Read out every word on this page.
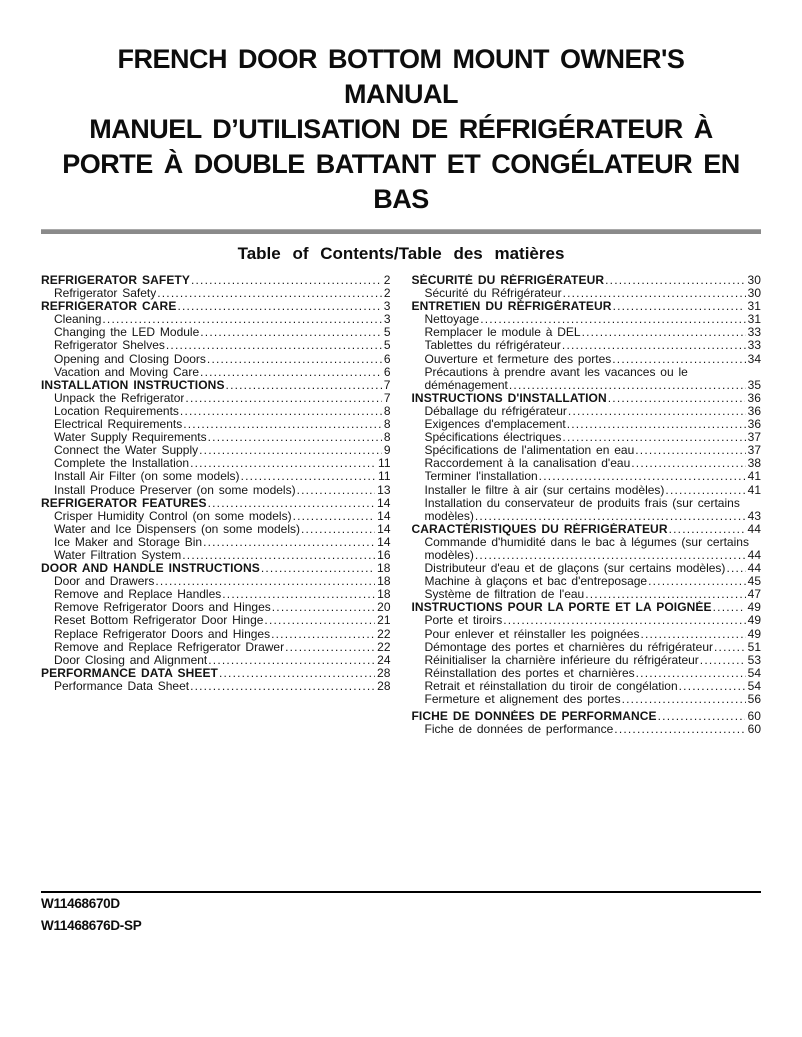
FRENCH DOOR BOTTOM MOUNT OWNER'S
MANUAL
MANUEL D’UTILISATION DE RÉFRIGÉRATEUR À
PORTE À DOUBLE BATTANT ET CONGÉLATEUR EN
BAS
Table of Contents/Table des matières
REFRIGERATOR SAFETY .....	2
Refrigerator Safety .....	2
REFRIGERATOR CARE .....	3
Cleaning .....	3
Changing the LED Module .....	5
Refrigerator Shelves .....	5
Opening and Closing Doors .....	6
Vacation and Moving Care .....	6
INSTALLATION INSTRUCTIONS .....	7
Unpack the Refrigerator .....	7
Location Requirements .....	8
Electrical Requirements .....	8
Water Supply Requirements .....	8
Connect the Water Supply .....	9
Complete the Installation .....	11
Install Air Filter (on some models) .....	11
Install Produce Preserver (on some models) .....	13
REFRIGERATOR FEATURES .....	14
Crisper Humidity Control (on some models) .....	14
Water and Ice Dispensers (on some models) .....	14
Ice Maker and Storage Bin .....	14
Water Filtration System .....	16
DOOR AND HANDLE INSTRUCTIONS .....	18
Door and Drawers .....	18
Remove and Replace Handles .....	18
Remove Refrigerator Doors and Hinges .....	20
Reset Bottom Refrigerator Door Hinge .....	21
Replace Refrigerator Doors and Hinges .....	22
Remove and Replace Refrigerator Drawer .....	22
Door Closing and Alignment .....	24
PERFORMANCE DATA SHEET .....	28
Performance Data Sheet .....	28
SÉCURITÉ DU RÉFRIGÉRATEUR .....	30
Sécurité du Réfrigérateur .....	30
ENTRETIEN DU RÉFRIGÉRATEUR .....	31
Nettoyage .....	31
Remplacer le module à DEL .....	33
Tablettes du réfrigérateur .....	33
Ouverture et fermeture des portes .....	34
Précautions à prendre avant les vacances ou le
déménagement .....	35
INSTRUCTIONS D'INSTALLATION .....	36
Déballage du réfrigérateur .....	36
Exigences d'emplacement .....	36
Spécifications électriques .....	37
Spécifications de l'alimentation en eau .....	37
Raccordement à la canalisation d'eau .....	38
Terminer l'installation .....	41
Installer le filtre à air (sur certains modèles) .....	41
Installation du conservateur de produits frais (sur certains
modèles) .....	43
CARACTÉRISTIQUES DU RÉFRIGÉRATEUR .....	44
Commande d'humidité dans le bac à légumes (sur certains
modèles) .....	44
Distributeur d'eau et de glaçons (sur certains modèles) ..... 44
Machine à glaçons et bac d'entreposage .....	45
Système de filtration de l'eau .....	47
INSTRUCTIONS POUR LA PORTE ET LA POIGNÉE .....	49
Porte et tiroirs .....	49
Pour enlever et réinstaller les poignées .....	49
Démontage des portes et charnières du réfrigérateur .....	51
Réinitialiser la charnière inférieure du réfrigérateur .....	53
Réinstallation des portes et charnières .....	54
Retrait et réinstallation du tiroir de congélation .....	54
Fermeture et alignement des portes .....	56
FICHE DE DONNÉES DE PERFORMANCE .....	60
Fiche de données de performance .....	60
W11468670D
W11468676D-SP
